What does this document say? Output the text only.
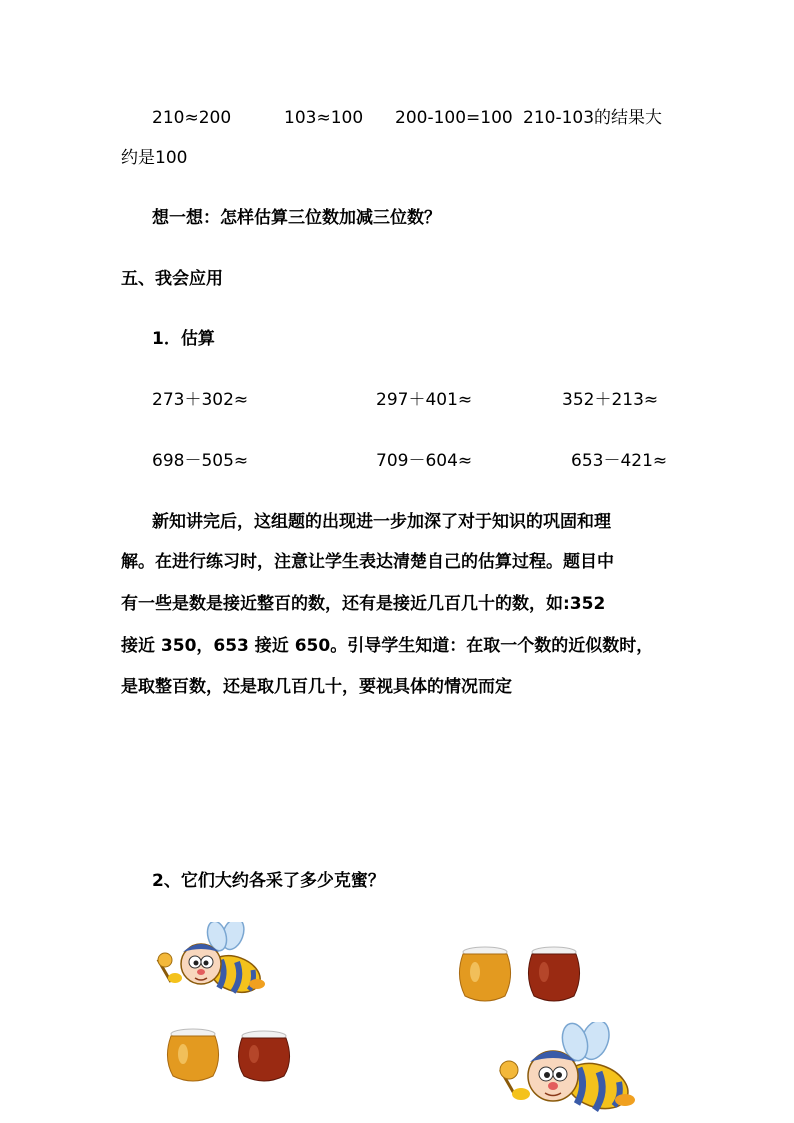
210≈200	103≈100 200-100=100 210-103的结果大
约是100
想一想：怎样估算三位数加减三位数？
五、我会应用
1．估算
273＋302≈	297＋401≈	352＋213≈
698－505≈	709－604≈	653－421≈
新知讲完后，这组题的出现进一步加深了对于知识的巩固和理
解。在进行练习时，注意让学生表达清楚自己的估算过程。题目中
有一些是数是接近整百的数，还有是接近几百几十的数，如:352
接近 350，653 接近 650。引导学生知道：在取一个数的近似数时，
是取整百数，还是取几百几十，要视具体的情况而定
2、它们大约各采了多少克蜜？
